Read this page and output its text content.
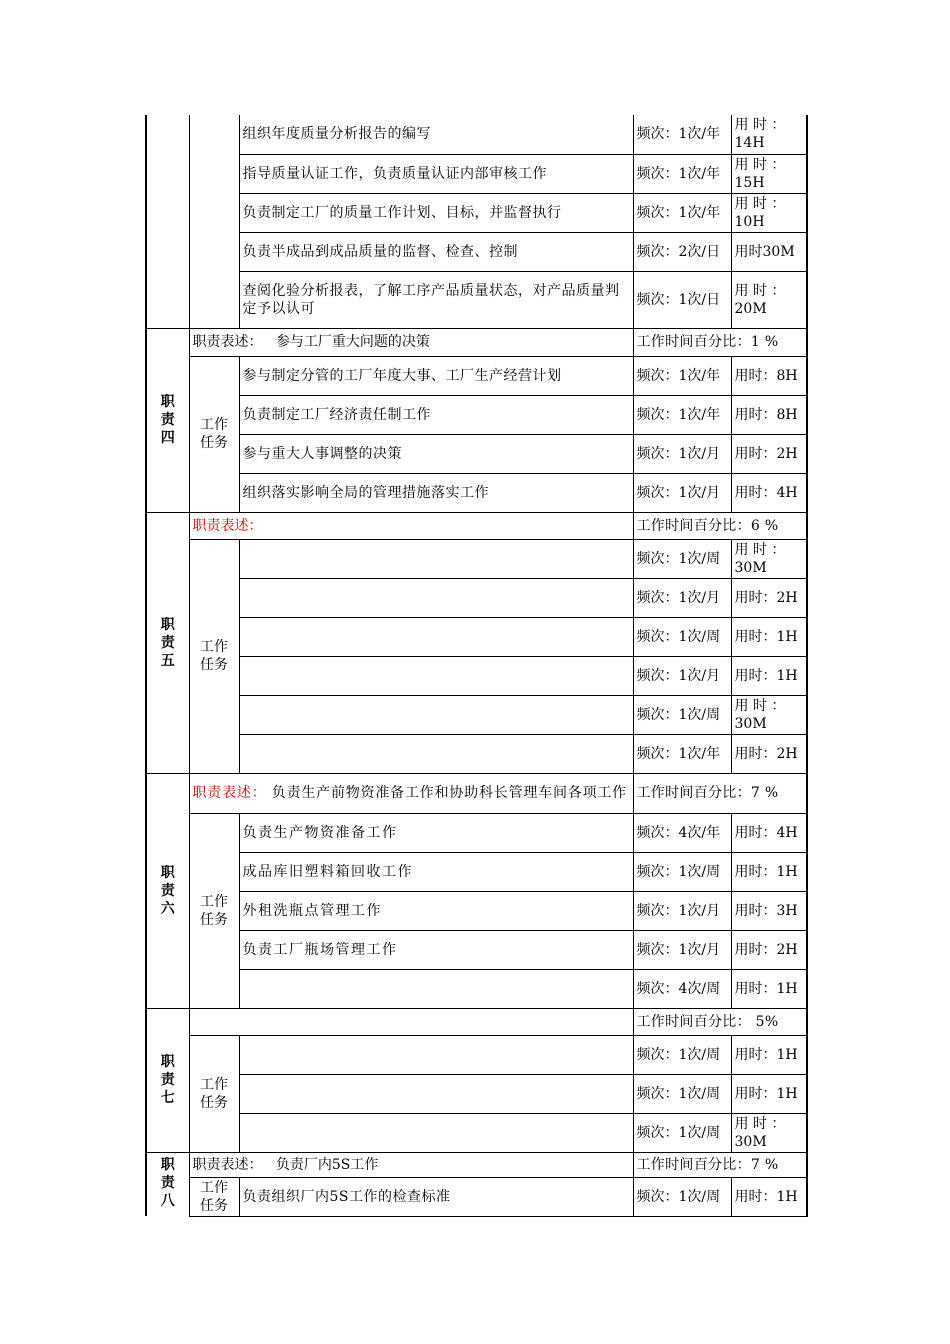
		组织年度质量分析报告的编写	频次：1次/年	用 时 ：14H
		指导质量认证工作，负责质量认证内部审核工作	频次：1次/年	用 时 ：15H
		负责制定工厂的质量工作计划、目标，并监督执行	频次：1次/年	用 时 ：10H
		负责半成品到成品质量的监督、检查、控制	频次：2次/日	用时30M
		查阅化验分析报表，了解工序产品质量状态，对产品质量判定予以认可	频次：1次/日	用 时 ：20M
职责四	职责表述： 参与工厂重大问题的决策		工作时间百分比：1 %	
	工作任务	参与制定分管的工厂年度大事、工厂生产经营计划	频次：1次/年	用时：8H
		负责制定工厂经济责任制工作	频次：1次/年	用时：8H
		参与重大人事调整的决策	频次：1次/月	用时：2H
		组织落实影响全局的管理措施落实工作	频次：1次/月	用时：4H
职责五	职责表述：		工作时间百分比：6 %	
	工作任务		频次：1次/周	用 时 ：30M
			频次：1次/月	用时：2H
			频次：1次/周	用时：1H
			频次：1次/月	用时：1H
			频次：1次/周	用 时 ：30M
			频次：1次/年	用时：2H
职责六	职责表述： 负责生产前物资准备工作和协助科长管理车间各项工作		工作时间百分比：7 %	
	工作任务	负责生产物资准备工作	频次：4次/年	用时：4H
		成品库旧塑料箱回收工作	频次：1次/周	用时：1H
		外租洗瓶点管理工作	频次：1次/月	用时：3H
		负责工厂瓶场管理工作	频次：1次/月	用时：2H
			频次：4次/周	用时：1H
职责七			工作时间百分比： 5%	
	工作任务		频次：1次/周	用时：1H
			频次：1次/周	用时：1H
			频次：1次/周	用 时 ：30M
职责八	职责表述： 负责厂内5S工作		工作时间百分比：7 %	
	工作任务	负责组织厂内5S工作的检查标准	频次：1次/周	用时：1H
